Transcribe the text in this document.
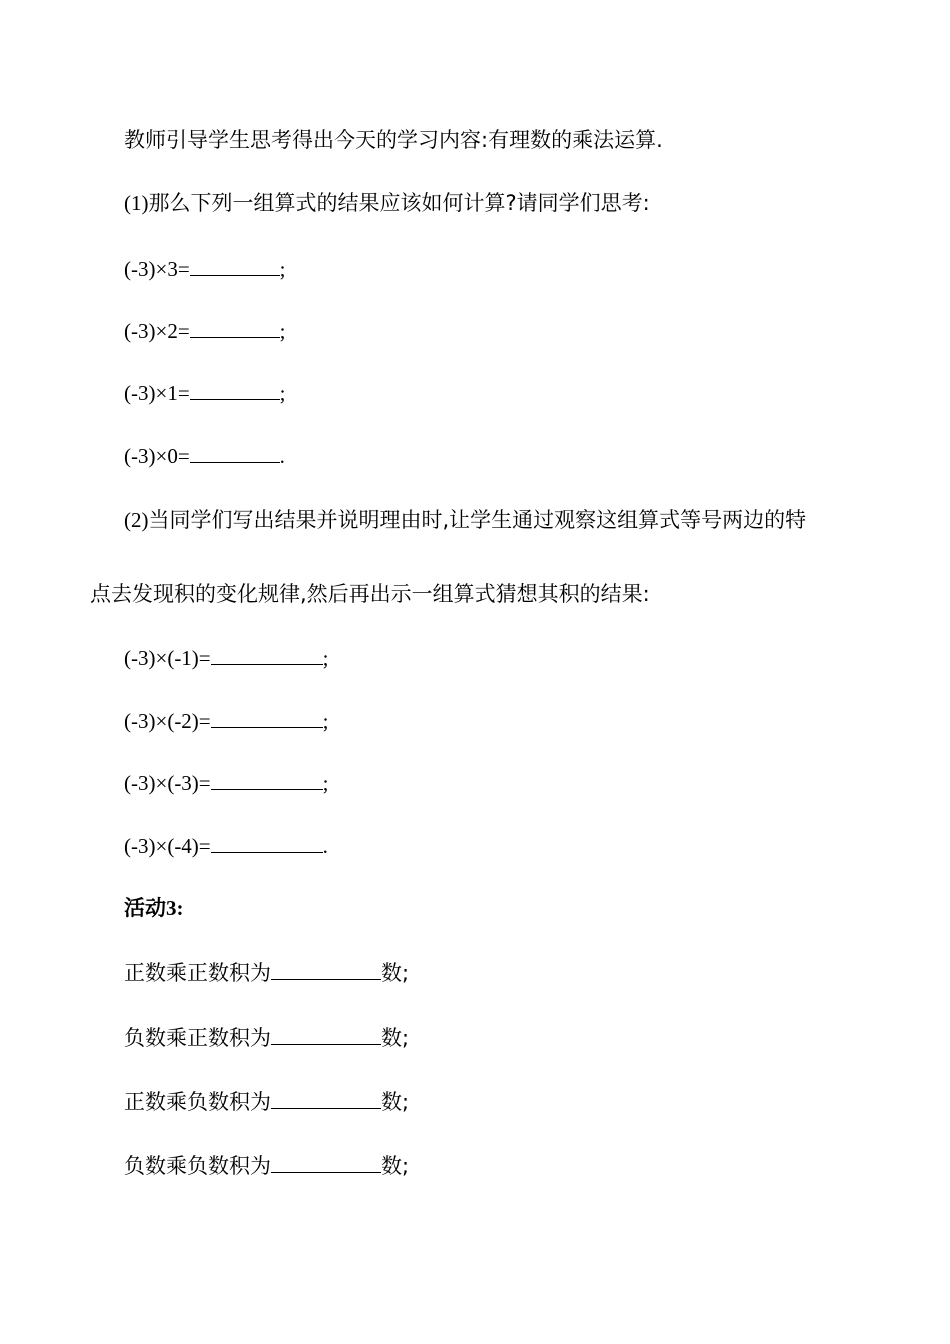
教师引导学生思考得出今天的学习内容:有理数的乘法运算.
(1)那么下列一组算式的结果应该如何计算?请同学们思考:
(-3)×3=	;
(-3)×2=	;
(-3)×1=	;
(-3)×0=	.
(2)当同学们写出结果并说明理由时,让学生通过观察这组算式等号两边的特
点去发现积的变化规律,然后再出示一组算式猜想其积的结果:
(-3)×(-1)=	;
(-3)×(-2)=	;
(-3)×(-3)=	;
(-3)×(-4)=	.
活动3:
正数乘正数积为	数;
负数乘正数积为	数;
正数乘负数积为	数;
负数乘负数积为	数;
